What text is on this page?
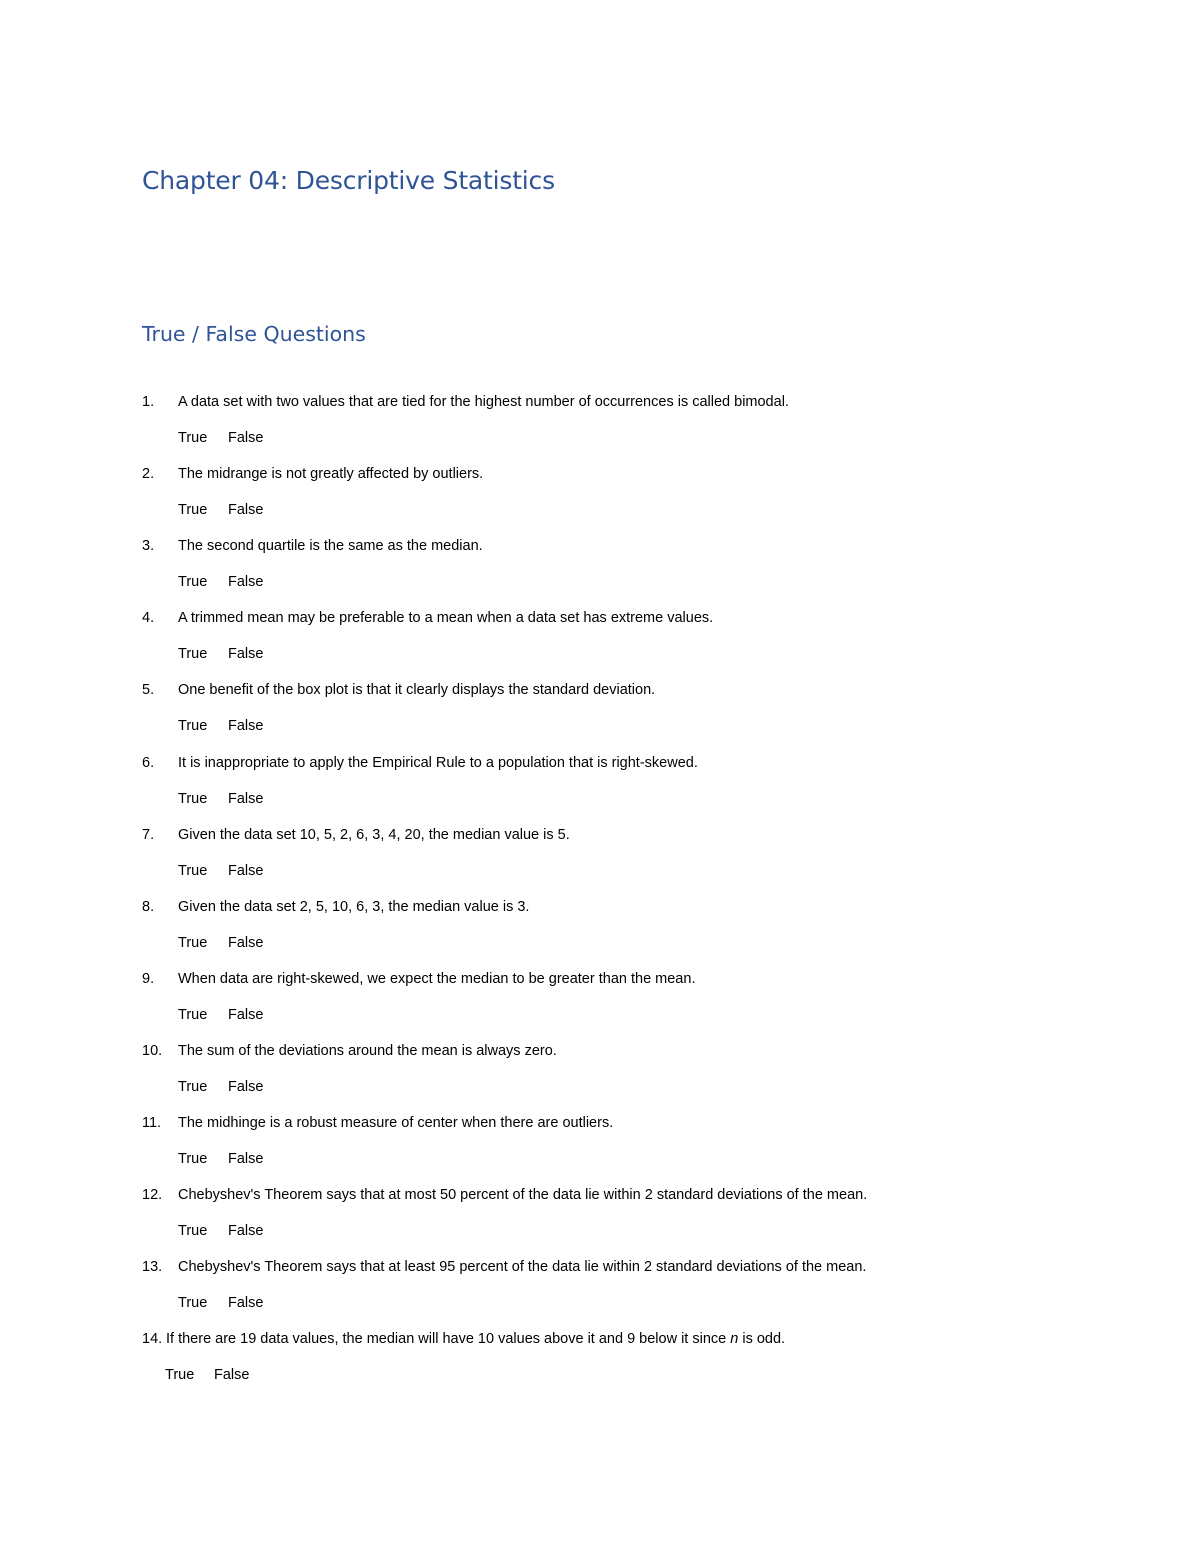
Chapter 04: Descriptive Statistics
True / False Questions
1. A data set with two values that are tied for the highest number of occurrences is called bimodal.
True False
2. The midrange is not greatly affected by outliers.
True False
3. The second quartile is the same as the median.
True False
4. A trimmed mean may be preferable to a mean when a data set has extreme values.
True False
5. One benefit of the box plot is that it clearly displays the standard deviation.
True False
6. It is inappropriate to apply the Empirical Rule to a population that is right-skewed.
True False
7. Given the data set 10, 5, 2, 6, 3, 4, 20, the median value is 5.
True False
8. Given the data set 2, 5, 10, 6, 3, the median value is 3.
True False
9. When data are right-skewed, we expect the median to be greater than the mean.
True False
10. The sum of the deviations around the mean is always zero.
True False
11. The midhinge is a robust measure of center when there are outliers.
True False
12. Chebyshev's Theorem says that at most 50 percent of the data lie within 2 standard deviations of the mean.
True False
13. Chebyshev's Theorem says that at least 95 percent of the data lie within 2 standard deviations of the mean.
True False
14. If there are 19 data values, the median will have 10 values above it and 9 below it since n is odd.
True False
